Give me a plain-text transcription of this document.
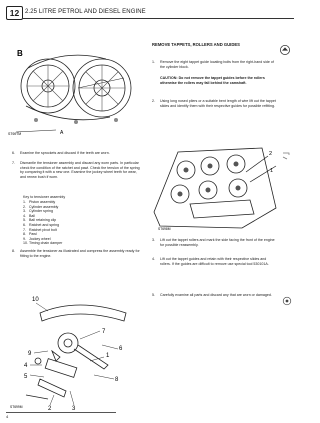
12 2.25 LITRE PETROL AND DIESEL ENGINE
REMOVE TAPPETS, ROLLERS AND GUIDES
B
A
ST697M

1.	Remove the eight tappet guide locating bolts from the right-hand side of the cylinder block.

CAUTION: Do not remove the tappet guides before the rollers otherwise the rollers may fall behind the camshaft.

2.	Using long nosed pliers or a suitable bent length of wire lift out the tappet slides and identify them with their respective guides for possible refitting.

6.	Examine the sprockets and discard if the teeth are worn.

7.	Dismantle the tensioner assembly and discard any worn parts. In particular check the condition of the ratchet and pawl. Check the tension of the spring by comparing it with a new one. Examine the jockey wheel teeth for wear, and renew bush if worn.

Key to tensioner assembly

1. Piston assembly
2. Cylinder assembly
3. Cylinder spring
4. Ball
5. Ball retaining clip
6. Ratchet and spring
7. Ratchet pivot bolt
8. Pawl
9. Jockey wheel
10. Timing chain damper

8.	Assemble the tensioner as illustrated and compress the assembly ready for fitting to the engine.

2
1
ST698M

3.	Lift out the tappet rollers and mark the side facing the front of the engine for possible reassembly.

4.	Lift out the tappet guides and retain with their respective slides and rollers. If the guides are difficult to remove use special tool 530101A.

5.	Carefully examine all parts and discard any that are worn or damaged.

10
7
9
4
5
1
6
8
2	3
ST699M
4
